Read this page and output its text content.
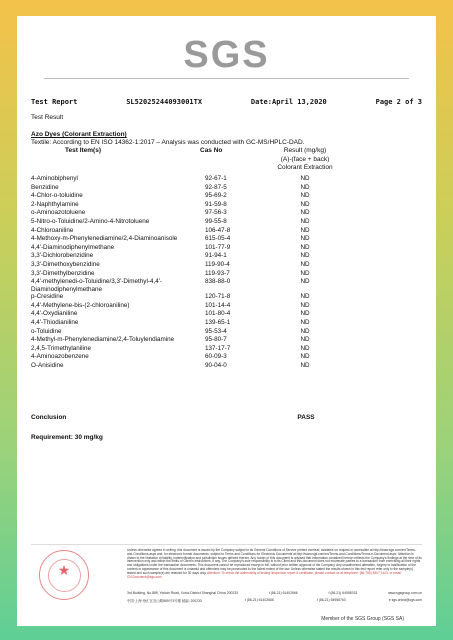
SGS
Test Report	SL52025244093001TX	Date:April 13,2020	Page 2 of 3
Test Result
Azo Dyes (Colorant Extraction)
Textile: According to EN ISO 14362-1:2017 – Analysis was conducted with GC-MS/HPLC-DAD.
Test Item(s)	Cas No	Result (mg/kg)
(A)-(face + back)
Colorant Extraction
4-Aminobiphenyl	92-67-1	ND
Benzidine	92-87-5	ND
4-Chlor-o-toluidine	95-69-2	ND
2-Naphthylamine	91-59-8	ND
o-Aminoazotoluene	97-56-3	ND
5-Nitro-o-Toluidine/2-Amino-4-Nitrotoluene	99-55-8	ND
4-Chloroaniline	106-47-8	ND
4-Methoxy-m-Phenylenediamine/2,4-Diaminoanisole	615-05-4	ND
4,4'-Diaminodiphenylmethane	101-77-9	ND
3,3'-Dichlorobenzidine	91-94-1	ND
3,3'-Dimethoxybenzidine	119-90-4	ND
3,3'-Dimethylbenzidine	119-93-7	ND
4,4'-methylenedi-o-Toluidine/3,3'-Dimethyl-4,4'-Diaminodiphenylmethane	838-88-0	ND
p-Cresidine	120-71-8	ND
4,4'-Methylene-bis-(2-chloroaniline)	101-14-4	ND
4,4'-Oxydianiline	101-80-4	ND
4,4'-Thiodianiline	139-65-1	ND
o-Toluidine	95-53-4	ND
4-Methyl-m-Phenylenediamine/2,4-Toluylendiamine	95-80-7	ND
2,4,5-Trimethylaniline	137-17-7	ND
4-Aminoazobenzene	60-09-3	ND
O-Anisidine	90-04-0	ND
Conclusion	PASS
Requirement: 30 mg/kg
Unless otherwise agreed in writing, this document is issued by the Company subject to its General Conditions of Service printed overleaf, available on request or accessible at http://www.sgs.com/en/Terms-and-Conditions.aspx and, for electronic format documents, subject to Terms and Conditions for Electronic Documents at http://www.sgs.com/en/Terms-and-Conditions/Terms-e-Document.aspx. Attention is drawn to the limitation of liability, indemnification and jurisdiction issues defined therein. Any holder of this document is advised that information contained hereon reflects the Company's findings at the time of its intervention only and within the limits of Client's instructions, if any. The Company's sole responsibility is to its Client and this document does not exonerate parties to a transaction from exercising all their rights and obligations under the transaction documents. This document cannot be reproduced except in full, without prior written approval of the Company. Any unauthorized alteration, forgery or falsification of the content or appearance of this document is unlawful and offenders may be prosecuted to the fullest extent of the law. Unless otherwise stated the results shown in this test report refer only to the sample(s) tested and such sample(s) are retained for 30 days only. Attention: To check the authenticity of testing /inspection report & certificate, please contact us at telephone: (86-755) 8307 1443, or email: CN.Doccheck@sgs.com
3rd Building, No.889, Yishan Road, Xuhui District Shanghai China 200233	t (86-21) 61402666	f (86-21) 64958763	www.sgsgroup.com.cn
中国·上海·徐汇区宜山路889号3号楼 邮编: 200233	t (86-21) 61402666	f (86-21) 64958763	e sgs.china@sgs.com
★
Member of the SGS Group (SGS SA)
